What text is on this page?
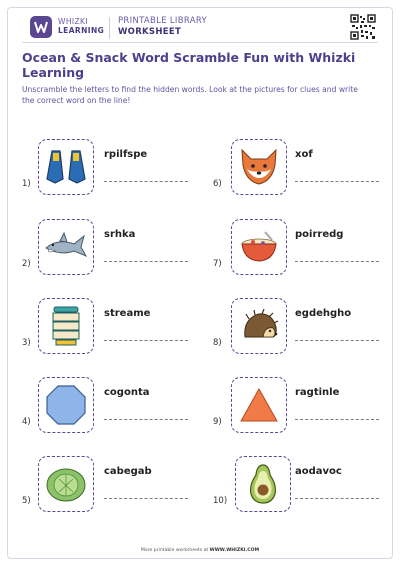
WHIZKI
LEARNING
PRINTABLE LIBRARY
WORKSHEET
Ocean & Snack Word Scramble Fun with Whizki Learning
Unscramble the letters to find the hidden words. Look at the pictures for clues and write the correct word on the line!
1)
rpilfspe
2)
srhka
3)
streame
4)
cogonta
5)
cabegab
6)
xof
7)
poirredg
8)
egdehgho
9)
ragtinle
10)
aodavoc
More printable worksheets at WWW.WHIZKI.COM
